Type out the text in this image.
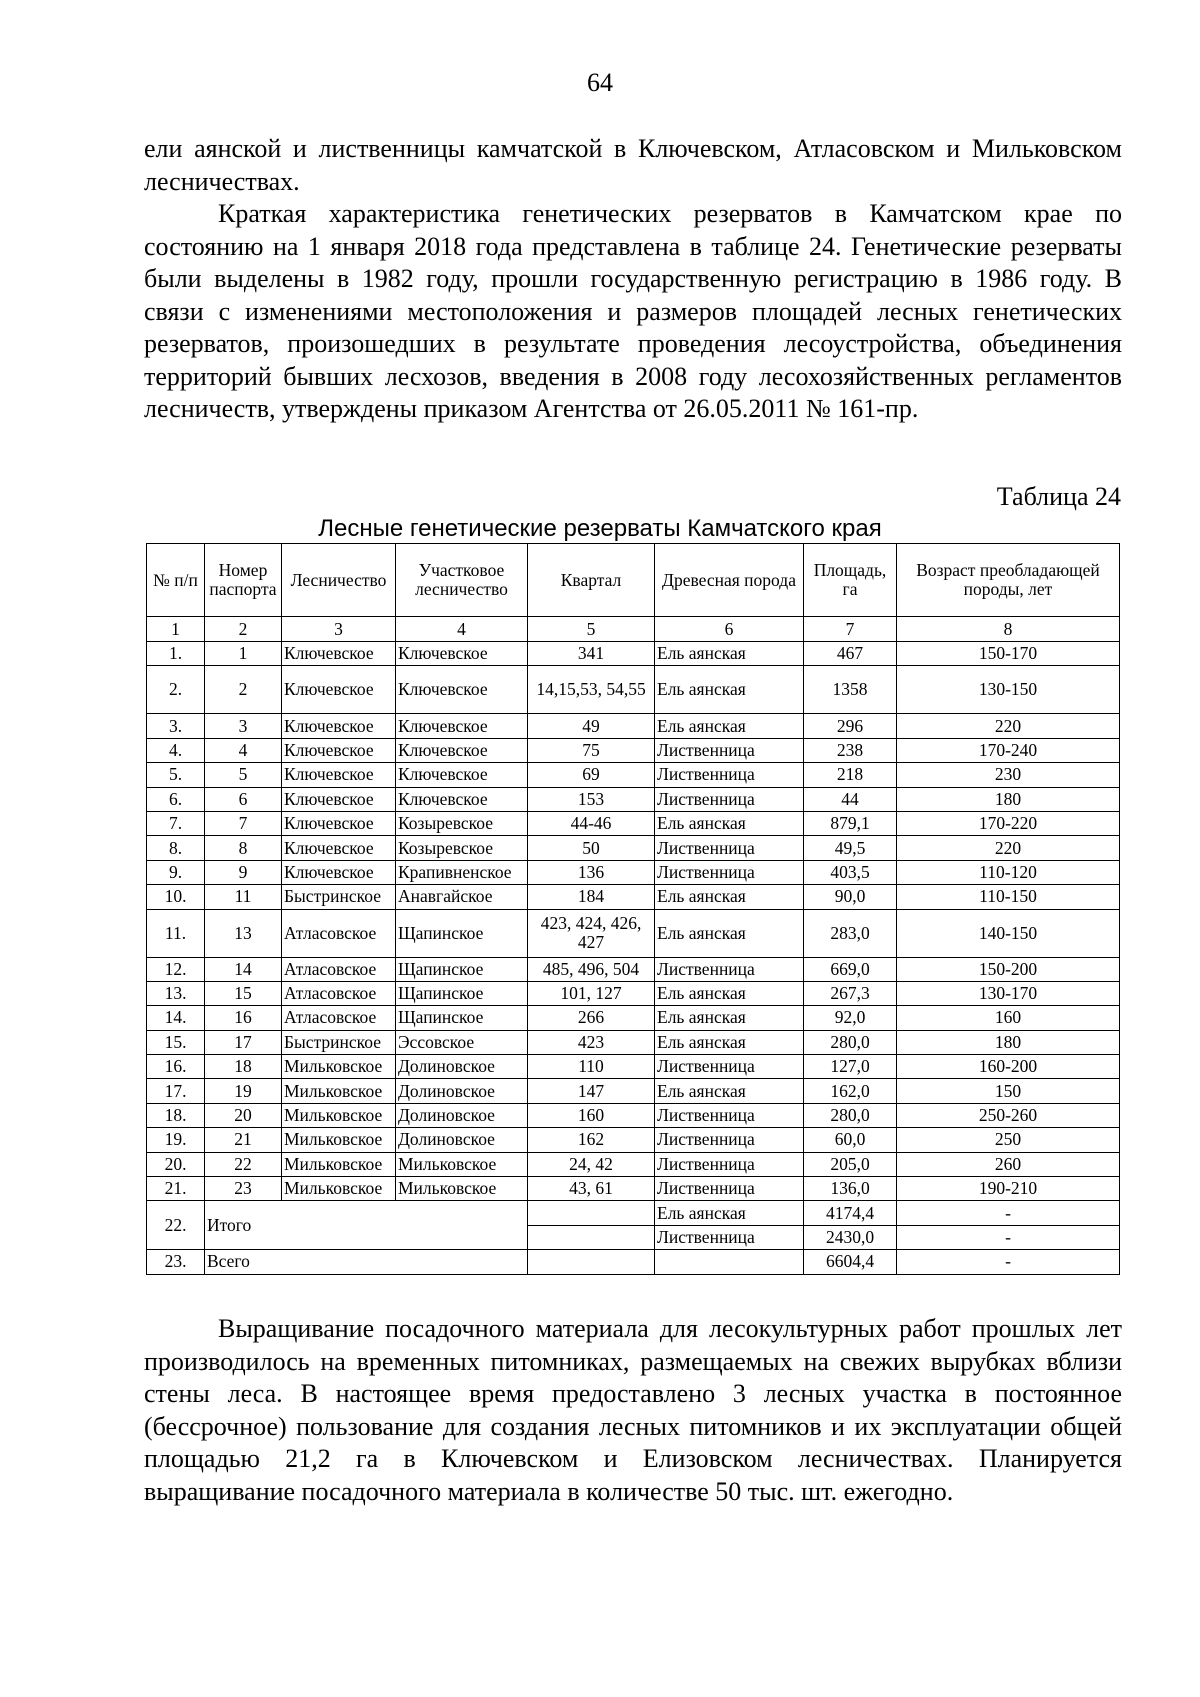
64

ели аянской и лиственницы камчатской в Ключевском, Атласовском и Мильковском лесничествах.

Краткая характеристика генетических резерватов в Камчатском крае по состоянию на 1 января 2018 года представлена в таблице 24. Генетические резерваты были выделены в 1982 году, прошли государственную регистрацию в 1986 году. В связи с изменениями местоположения и размеров площадей лесных генетических резерватов, произошедших в результате проведения лесоустройства, объединения территорий бывших лесхозов, введения в 2008 году лесохозяйственных регламентов лесничеств, утверждены приказом Агентства от 26.05.2011 № 161-пр.

Таблица 24
Лесные генетические резерваты Камчатского края
№ п/п	Номер паспорта	Лесничество	Участковое лесничество	Квартал	Древесная порода	Площадь, га	Возраст преобладающей породы, лет
1	2	3	4	5	6	7	8
1.	1	Ключевское	Ключевское	341	Ель аянская	467	150-170
2.	2	Ключевское	Ключевское	14,15,53, 54,55	Ель аянская	1358	130-150
3.	3	Ключевское	Ключевское	49	Ель аянская	296	220
4.	4	Ключевское	Ключевское	75	Лиственница	238	170-240
5.	5	Ключевское	Ключевское	69	Лиственница	218	230
6.	6	Ключевское	Ключевское	153	Лиственница	44	180
7.	7	Ключевское	Козыревское	44-46	Ель аянская	879,1	170-220
8.	8	Ключевское	Козыревское	50	Лиственница	49,5	220
9.	9	Ключевское	Крапивненское	136	Лиственница	403,5	110-120
10.	11	Быстринское	Анавгайское	184	Ель аянская	90,0	110-150
11.	13	Атласовское	Щапинское	423, 424, 426, 427	Ель аянская	283,0	140-150
12.	14	Атласовское	Щапинское	485, 496, 504	Лиственница	669,0	150-200
13.	15	Атласовское	Щапинское	101, 127	Ель аянская	267,3	130-170
14.	16	Атласовское	Щапинское	266	Ель аянская	92,0	160
15.	17	Быстринское	Эссовское	423	Ель аянская	280,0	180
16.	18	Мильковское	Долиновское	110	Лиственница	127,0	160-200
17.	19	Мильковское	Долиновское	147	Ель аянская	162,0	150
18.	20	Мильковское	Долиновское	160	Лиственница	280,0	250-260
19.	21	Мильковское	Долиновское	162	Лиственница	60,0	250
20.	22	Мильковское	Мильковское	24, 42	Лиственница	205,0	260
21.	23	Мильковское	Мильковское	43, 61	Лиственница	136,0	190-210
22.	Итого				Ель аянская	4174,4	-
					Лиственница	2430,0	-
23.	Всего					6604,4	-

Выращивание посадочного материала для лесокультурных работ прошлых лет производилось на временных питомниках, размещаемых на свежих вырубках вблизи стены леса. В настоящее время предоставлено 3 лесных участка в постоянное (бессрочное) пользование для создания лесных питомников и их эксплуатации общей площадью 21,2 га в Ключевском и Елизовском лесничествах. Планируется выращивание посадочного материала в количестве 50 тыс. шт. ежегодно.
